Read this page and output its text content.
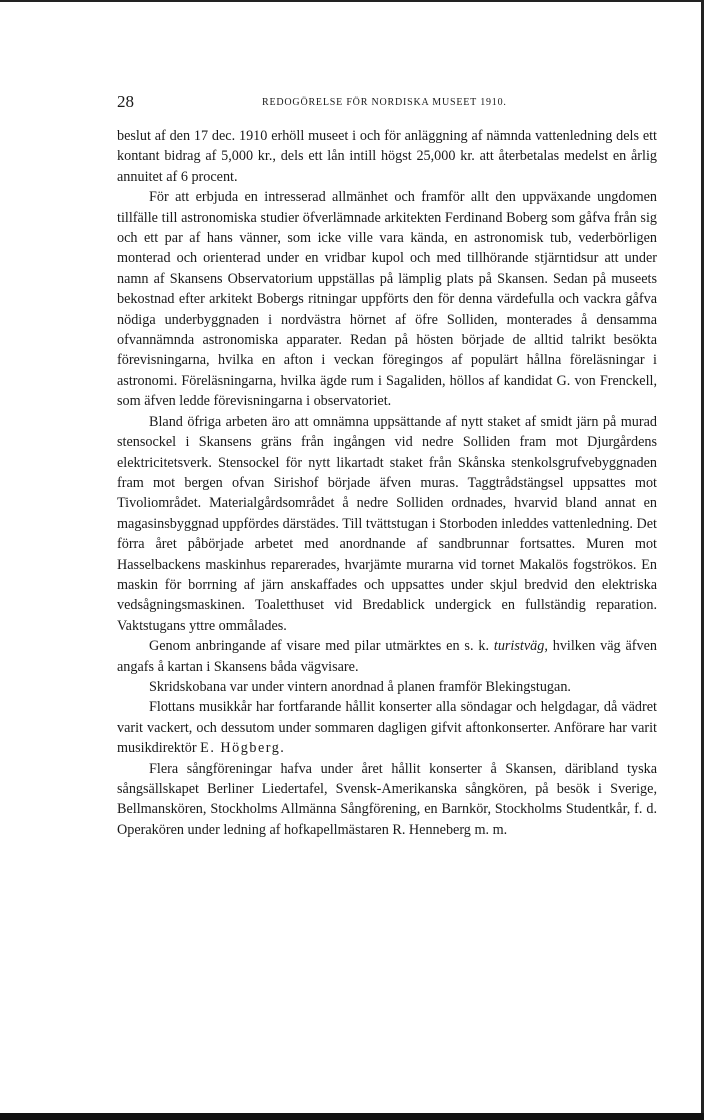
28	REDOGÖRELSE FÖR NORDISKA MUSEET 1910.

beslut af den 17 dec. 1910 erhöll museet i och för anläggning af nämnda vattenledning dels ett kontant bidrag af 5,000 kr., dels ett lån intill högst 25,000 kr. att återbetalas medelst en årlig annuitet af 6 procent.

För att erbjuda en intresserad allmänhet och framför allt den uppväxande ungdomen tillfälle till astronomiska studier öfverlämnade arkitekten Ferdinand Boberg som gåfva från sig och ett par af hans vänner, som icke ville vara kända, en astronomisk tub, vederbörligen monterad och orienterad under en vridbar kupol och med tillhörande stjärntidsur att under namn af Skansens Observatorium uppställas på lämplig plats på Skansen. Sedan på museets bekostnad efter arkitekt Bobergs ritningar uppförts den för denna värdefulla och vackra gåfva nödiga underbyggnaden i nordvästra hörnet af öfre Solliden, monterades å densamma ofvannämnda astronomiska apparater. Redan på hösten började de alltid talrikt besökta förevisningarna, hvilka en afton i veckan föregingos af populärt hållna föreläsningar i astronomi. Föreläsningarna, hvilka ägde rum i Sagaliden, höllos af kandidat G. von Frenckell, som äfven ledde förevisningarna i observatoriet.

Bland öfriga arbeten äro att omnämna uppsättande af nytt staket af smidt järn på murad stensockel i Skansens gräns från ingången vid nedre Solliden fram mot Djurgårdens elektricitetsverk. Stensockel för nytt likartadt staket från Skånska stenkolsgrufvebyggnaden fram mot bergen ofvan Sirishof började äfven muras. Taggtrådstängsel uppsattes mot Tivoliområdet. Materialgårdsområdet å nedre Solliden ordnades, hvarvid bland annat en magasinsbyggnad uppfördes därstädes. Till tvättstugan i Storboden inleddes vattenledning. Det förra året påbörjade arbetet med anordnande af sandbrunnar fortsattes. Muren mot Hasselbackens maskinhus reparerades, hvarjämte murarna vid tornet Makalös fogströkos. En maskin för borrning af järn anskaffades och uppsattes under skjul bredvid den elektriska vedsågningsmaskinen. Toaletthuset vid Bredablick undergick en fullständig reparation. Vaktstugans yttre ommålades.

Genom anbringande af visare med pilar utmärktes en s. k. turistväg, hvilken väg äfven angafs å kartan i Skansens båda vägvisare.

Skridskobana var under vintern anordnad å planen framför Blekingstugan.

Flottans musikkår har fortfarande hållit konserter alla söndagar och helgdagar, då vädret varit vackert, och dessutom under sommaren dagligen gifvit aftonkonserter. Anförare har varit musikdirektör E. Högberg.

Flera sångföreningar hafva under året hållit konserter å Skansen, däribland tyska sångsällskapet Berliner Liedertafel, Svensk-Amerikanska sångkören, på besök i Sverige, Bellmanskören, Stockholms Allmänna Sångförening, en Barnkör, Stockholms Studentkår, f. d. Operakören under ledning af hofkapellmästaren R. Henneberg m. m.
